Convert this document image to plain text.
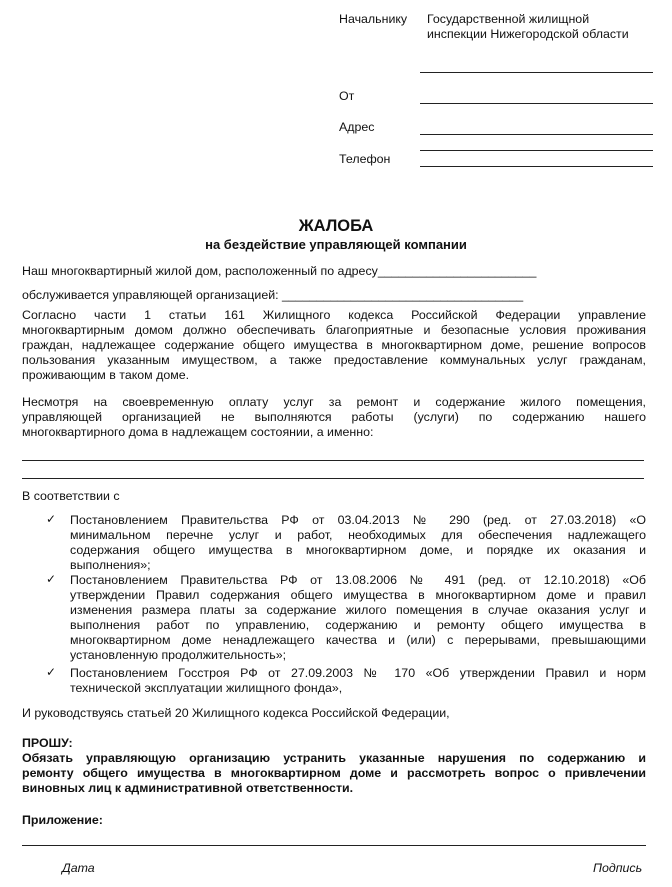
Начальнику Государственной жилищной
инспекции Нижегородской области
От
Адрес
Телефон
ЖАЛОБА
на бездействие управляющей компании
Наш многоквартирный жилой дом, расположенный по адресу_______________________
обслуживается управляющей организацией: ___________________________________
Согласно части 1 статьи 161 Жилищного кодекса Российской Федерации управление
многоквартирным домом должно обеспечивать благоприятные и безопасные условия проживания
граждан, надлежащее содержание общего имущества в многоквартирном доме, решение вопросов
пользования указанным имуществом, а также предоставление коммунальных услуг гражданам,
проживающим в таком доме.
Несмотря на своевременную оплату услуг за ремонт и содержание жилого помещения,
управляющей организацией не выполняются работы (услуги) по содержанию нашего
многоквартирного дома в надлежащем состоянии, а именно:
В соответствии с
✓ Постановлением Правительства РФ от 03.04.2013 № 290 (ред. от 27.03.2018) «О
минимальном перечне услуг и работ, необходимых для обеспечения надлежащего
содержания общего имущества в многоквартирном доме, и порядке их оказания и
выполнения»;
✓ Постановлением Правительства РФ от 13.08.2006 № 491 (ред. от 12.10.2018) «Об
утверждении Правил содержания общего имущества в многоквартирном доме и правил
изменения размера платы за содержание жилого помещения в случае оказания услуг и
выполнения работ по управлению, содержанию и ремонту общего имущества в
многоквартирном доме ненадлежащего качества и (или) с перерывами, превышающими
установленную продолжительность»;
✓ Постановлением Госстроя РФ от 27.09.2003 № 170 «Об утверждении Правил и норм
технической эксплуатации жилищного фонда»,
И руководствуясь статьей 20 Жилищного кодекса Российской Федерации,
ПРОШУ:
Обязать управляющую организацию устранить указанные нарушения по содержанию и
ремонту общего имущества в многоквартирном доме и рассмотреть вопрос о привлечении
виновных лиц к административной ответственности.
Приложение:
Дата	Подпись
